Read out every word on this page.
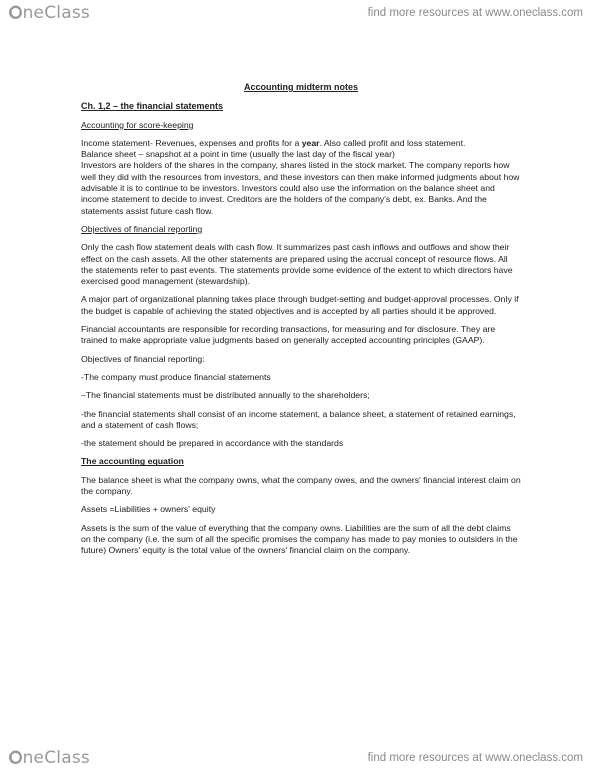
OneClass	find more resources at www.oneclass.com
Accounting midterm notes
Ch. 1,2 – the financial statements
Accounting for score-keeping

Income statement- Revenues, expenses and profits for a year. Also called profit and loss statement.

Balance sheet – snapshot at a point in time (usually the last day of the fiscal year)

Investors are holders of the shares in the company, shares listed in the stock market. The company reports how well they did with the resources from investors, and these investors can then make informed judgments about how advisable it is to continue to be investors. Investors could also use the information on the balance sheet and income statement to decide to invest. Creditors are the holders of the company's debt, ex. Banks. And the statements assist future cash flow.

Objectives of financial reporting

Only the cash flow statement deals with cash flow. It summarizes past cash inflows and outflows and show their effect on the cash assets. All the other statements are prepared using the accrual concept of resource flows. All the statements refer to past events. The statements provide some evidence of the extent to which directors have exercised good management (stewardship).

A major part of organizational planning takes place through budget-setting and budget-approval processes. Only if the budget is capable of achieving the stated objectives and is accepted by all parties should it be approved.

Financial accountants are responsible for recording transactions, for measuring and for disclosure. They are trained to make appropriate value judgments based on generally accepted accounting principles (GAAP).

Objectives of financial reporting:

-The company must produce financial statements

–The financial statements must be distributed annually to the shareholders;

-the financial statements shall consist of an income statement, a balance sheet, a statement of retained earnings, and a statement of cash flows;

-the statement should be prepared in accordance with the standards

The accounting equation

The balance sheet is what the company owns, what the company owes, and the owners' financial interest claim on the company.

Assets =Liabilities + owners' equity

Assets is the sum of the value of everything that the company owns. Liabilities are the sum of all the debt claims on the company (i.e. the sum of all the specific promises the company has made to pay monies to outsiders in the future) Owners' equity is the total value of the owners' financial claim on the company.

OneClass	find more resources at www.oneclass.com
